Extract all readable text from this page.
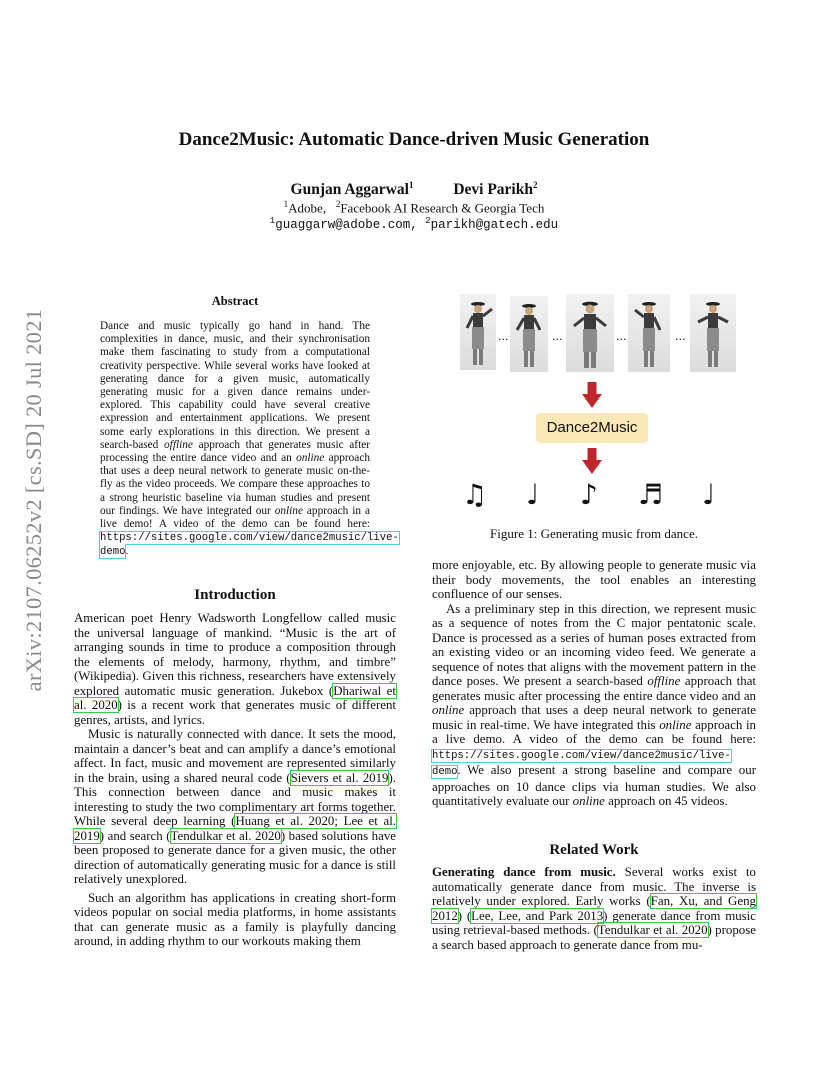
Dance2Music: Automatic Dance-driven Music Generation
Gunjan Aggarwal$^1$	Devi Parikh$^2$
$^1$Adobe, $^2$Facebook AI Research & Georgia Tech
$^1$guaggarw@adobe.com, $^2$parikh@gatech.edu
arXiv:2107.06252v2 [cs.SD] 20 Jul 2021
Abstract
Dance and music typically go hand in hand. The complexities in dance, music, and their synchronisation make them fascinating to study from a computational creativity perspective. While several works have looked at generating dance for a given music, automatically generating music for a given dance remains under-explored. This capability could have several creative expression and entertainment applications. We present some early explorations in this direction. We present a search-based offline approach that generates music after processing the entire dance video and an online approach that uses a deep neural network to generate music on-the-fly as the video proceeds. We compare these approaches to a strong heuristic baseline via human studies and present our findings. We have integrated our online approach in a live demo! A video of the demo can be found here: https://sites.google.com/view/dance2music/live-demo.
Introduction

American poet Henry Wadsworth Longfellow called music the universal language of mankind. “Music is the art of arranging sounds in time to produce a composition through the elements of melody, harmony, rhythm, and timbre” (Wikipedia). Given this richness, researchers have extensively explored automatic music generation. Jukebox (Dhariwal et al. 2020) is a recent work that generates music of different genres, artists, and lyrics.

Music is naturally connected with dance. It sets the mood, maintain a dancer’s beat and can amplify a dance’s emotional affect. In fact, music and movement are represented similarly in the brain, using a shared neural code (Sievers et al. 2019). This connection between dance and music makes it interesting to study the two complimentary art forms together. While several deep learning (Huang et al. 2020; Lee et al. 2019) and search (Tendulkar et al. 2020) based solutions have been proposed to generate dance for a given music, the other direction of automatically generating music for a dance is still relatively unexplored.

Such an algorithm has applications in creating short-form videos popular on social media platforms, in home assistants that can generate music as a family is playfully dancing around, in adding rhythm to our workouts making them

...	...	...	...
Dance2Music
♫ ♩ ♪ ♬ ♩
Figure 1: Generating music from dance.

more enjoyable, etc. By allowing people to generate music via their body movements, the tool enables an interesting confluence of our senses.

As a preliminary step in this direction, we represent music as a sequence of notes from the C major pentatonic scale. Dance is processed as a series of human poses extracted from an existing video or an incoming video feed. We generate a sequence of notes that aligns with the movement pattern in the dance poses. We present a search-based offline approach that generates music after processing the entire dance video and an online approach that uses a deep neural network to generate music in real-time. We have integrated this online approach in a live demo. A video of the demo can be found here: https://sites.google.com/view/dance2music/live-demo. We also present a strong baseline and compare our approaches on 10 dance clips via human studies. We also quantitatively evaluate our online approach on 45 videos.

Related Work

Generating dance from music. Several works exist to automatically generate dance from music. The inverse is relatively under explored. Early works (Fan, Xu, and Geng 2012) (Lee, Lee, and Park 2013) generate dance from music using retrieval-based methods. (Tendulkar et al. 2020) propose a search based approach to generate dance from mu-
